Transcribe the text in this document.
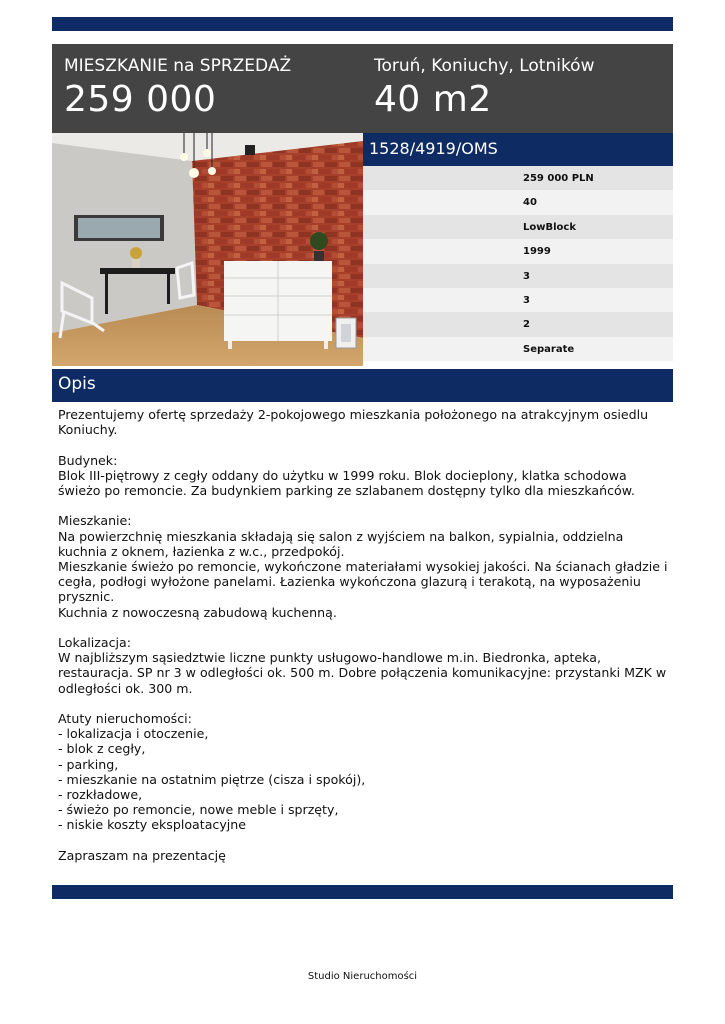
MIESZKANIE na SPRZEDAŻ
259 000
Toruń, Koniuchy, Lotników
40 m2
1528/4919/OMS
259 000 PLN
40
LowBlock
1999
3
3
2
Separate
Opis
Prezentujemy ofertę sprzedaży 2-pokojowego mieszkania położonego na atrakcyjnym osiedlu Koniuchy.
Budynek:
Blok III-piętrowy z cegły oddany do użytku w 1999 roku. Blok docieplony, klatka schodowa świeżo po remoncie. Za budynkiem parking ze szlabanem dostępny tylko dla mieszkańców.
Mieszkanie:
Na powierzchnię mieszkania składają się salon z wyjściem na balkon, sypialnia, oddzielna kuchnia z oknem, łazienka z w.c., przedpokój.
Mieszkanie świeżo po remoncie, wykończone materiałami wysokiej jakości. Na ścianach gładzie i cegła, podłogi wyłożone panelami. Łazienka wykończona glazurą i terakotą, na wyposażeniu prysznic.
Kuchnia z nowoczesną zabudową kuchenną.
Lokalizacja:
W najbliższym sąsiedztwie liczne punkty usługowo-handlowe m.in. Biedronka, apteka, restauracja. SP nr 3 w odległości ok. 500 m. Dobre połączenia komunikacyjne: przystanki MZK w odległości ok. 300 m.
Atuty nieruchomości:
- lokalizacja i otoczenie,
- blok z cegły,
- parking,
- mieszkanie na ostatnim piętrze (cisza i spokój),
- rozkładowe,
- świeżo po remoncie, nowe meble i sprzęty,
- niskie koszty eksploatacyjne
Zapraszam na prezentację
Studio Nieruchomości
